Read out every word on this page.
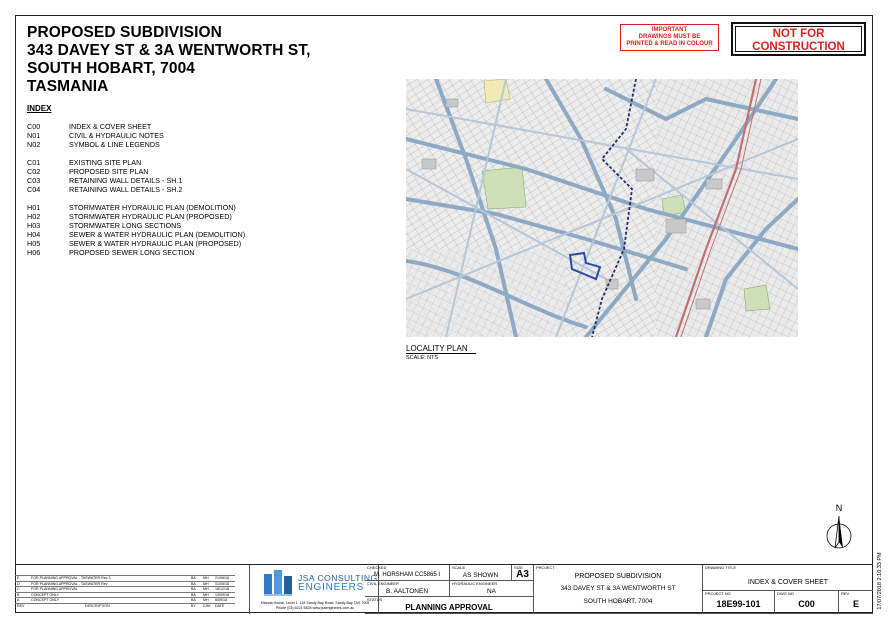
PROPOSED SUBDIVISION
343 DAVEY ST & 3A WENTWORTH ST,
SOUTH HOBART, 7004
TASMANIA
IMPORTANT
DRAWINGS MUST BE
PRINTED & READ IN COLOUR
NOT FOR
CONSTRUCTION
INDEX
C00	INDEX & COVER SHEET
N01	CIVIL & HYDRAULIC NOTES
N02	SYMBOL & LINE LEGENDS
C01	EXISTING SITE PLAN
C02	PROPOSED SITE PLAN
C03	RETAINING WALL DETAILS - SH.1
C04	RETAINING WALL DETAILS - SH.2
H01	STORMWATER HYDRAULIC PLAN (DEMOLITION)
H02	STORMWATER HYDRAULIC PLAN (PROPOSED)
H03	STORMWATER LONG SECTIONS
H04	SEWER & WATER HYDRAULIC PLAN (DEMOLITION)
H05	SEWER & WATER HYDRAULIC PLAN (PROPOSED)
H06	PROPOSED SEWER LONG SECTION
LOCALITY PLAN
SCALE: NTS
N
17/07/2018 2:16:33 PM
E	FOR PLANNING APPROVAL - TASWATER Rev 3	BA MH 21/06/18
D	FOR PLANNING APPROVAL - TASWATER Rev	BA MH 01/05/18
C	FOR PLANNING APPROVAL	BA MH 18/12/18
B	CONCEPT ONLY	BA MH 13/09/18
A	CONCEPT ONLY	BA MH 8/09/18
REV	DESCRIPTION	BY CHK DATE
JSA CONSULTING
ENGINEERS
Ellanda House, Level 1, 118 Sandy Bay Road, Sandy Bay TAS 7005
Phone (03) 6224 5828 www.jsaengineers.com.au
CHECKED
M. HORSHAM CC5865 I
SCALE
AS SHOWN
SIZE
A3
CIVIL ENGINEER
B. AALTONEN
HYDRAULIC ENGINEER
NA
STATUS
PLANNING APPROVAL
PROJECT
PROPOSED SUBDIVISION
343 DAVEY ST & 3A WENTWORTH ST
SOUTH HOBART, 7004
DRAWING TITLE
INDEX & COVER SHEET
PROJECT NO
18E99-101
DWG NO
C00
REV
E
